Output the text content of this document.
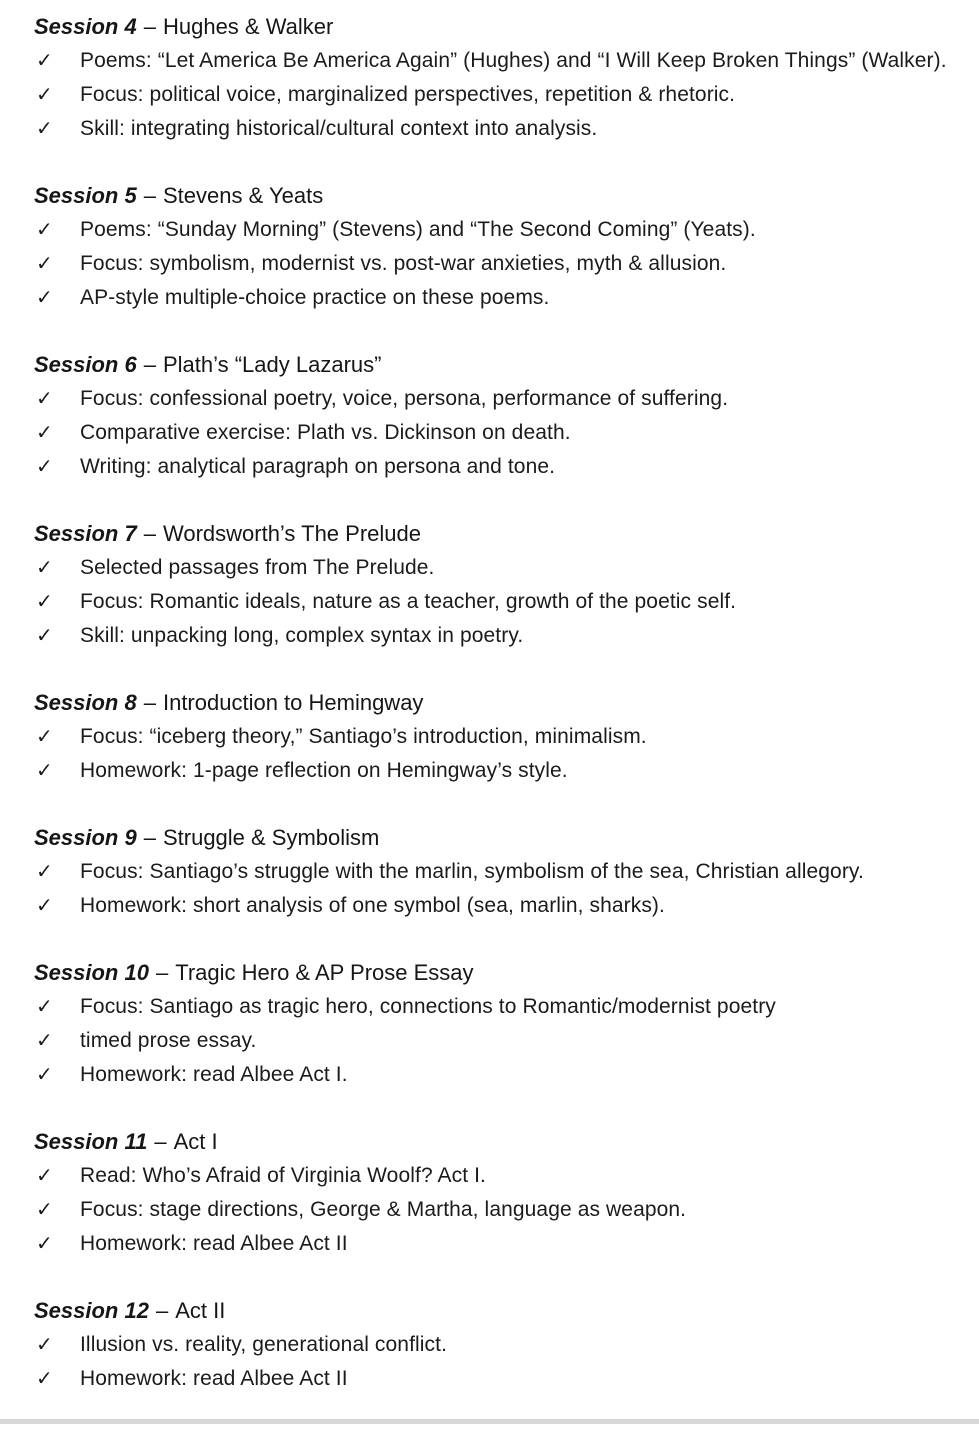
Session 4 – Hughes & Walker
✓	Poems: “Let America Be America Again” (Hughes) and “I Will Keep Broken Things” (Walker).
✓	Focus: political voice, marginalized perspectives, repetition & rhetoric.
✓	Skill: integrating historical/cultural context into analysis.
Session 5 – Stevens & Yeats
✓	Poems: “Sunday Morning” (Stevens) and “The Second Coming” (Yeats).
✓	Focus: symbolism, modernist vs. post-war anxieties, myth & allusion.
✓	AP-style multiple-choice practice on these poems.
Session 6 – Plath’s “Lady Lazarus”
✓	Focus: confessional poetry, voice, persona, performance of suffering.
✓	Comparative exercise: Plath vs. Dickinson on death.
✓	Writing: analytical paragraph on persona and tone.
Session 7 – Wordsworth’s The Prelude
✓	Selected passages from The Prelude.
✓	Focus: Romantic ideals, nature as a teacher, growth of the poetic self.
✓	Skill: unpacking long, complex syntax in poetry.
Session 8 – Introduction to Hemingway
✓	Focus: “iceberg theory,” Santiago’s introduction, minimalism.
✓	Homework: 1-page reflection on Hemingway’s style.
Session 9 – Struggle & Symbolism
✓	Focus: Santiago’s struggle with the marlin, symbolism of the sea, Christian allegory.
✓	Homework: short analysis of one symbol (sea, marlin, sharks).
Session 10 – Tragic Hero & AP Prose Essay
✓	Focus: Santiago as tragic hero, connections to Romantic/modernist poetry
✓	timed prose essay.
✓	Homework: read Albee Act I.
Session 11 – Act I
✓	Read: Who’s Afraid of Virginia Woolf? Act I.
✓	Focus: stage directions, George & Martha, language as weapon.
✓	Homework: read Albee Act II
Session 12 – Act II
✓	Illusion vs. reality, generational conflict.
✓	Homework: read Albee Act II
